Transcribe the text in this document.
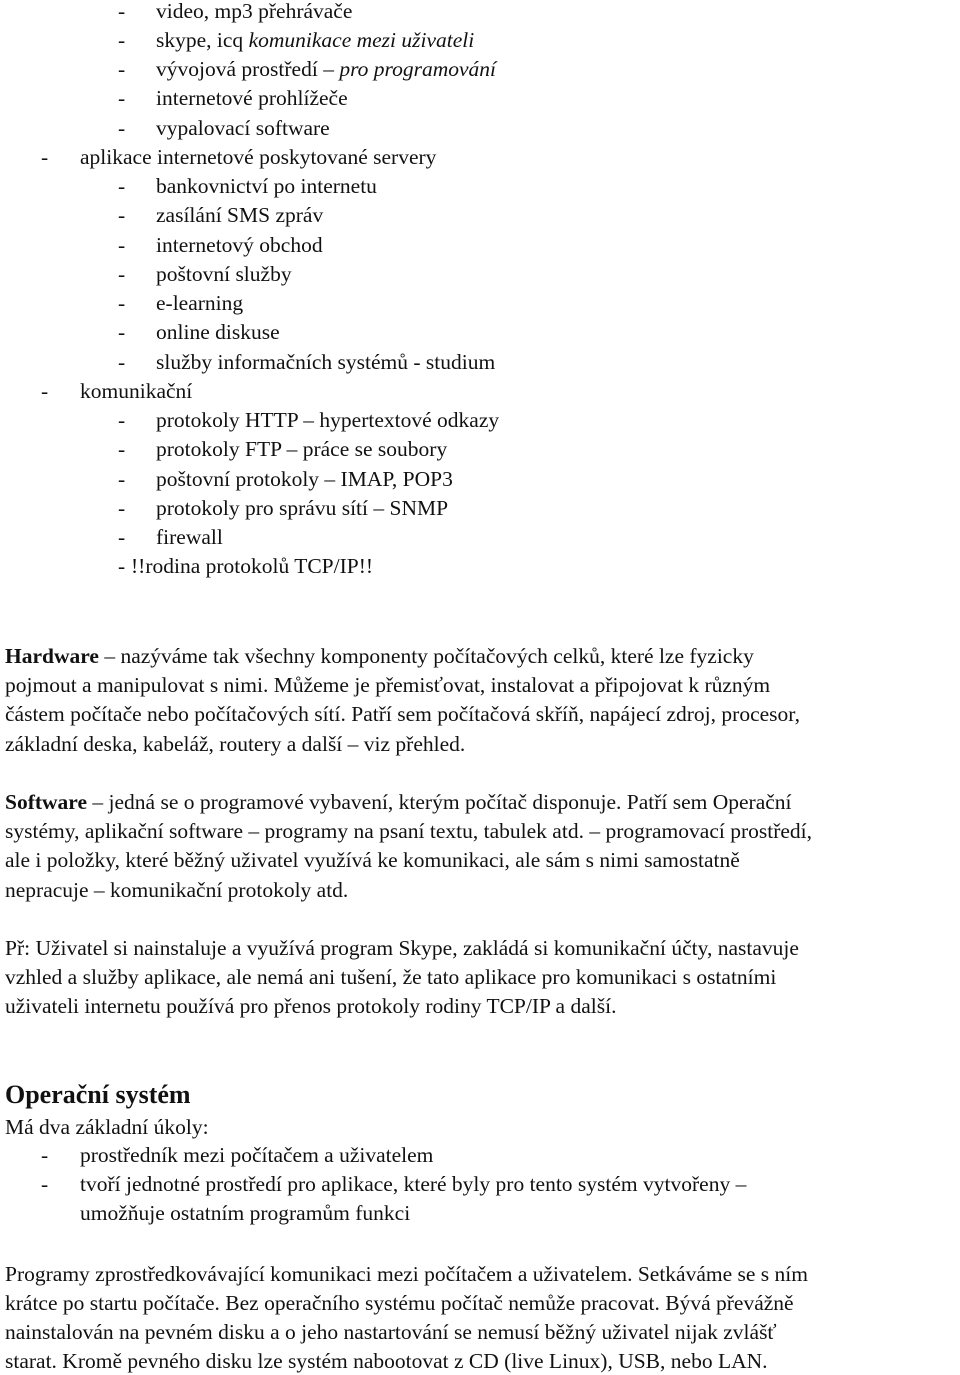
- video, mp3 přehrávače
- skype, icq komunikace mezi uživateli
- vývojová prostředí – pro programování
- internetové prohlížeče
- vypalovací software
- aplikace internetové poskytované servery
- bankovnictví po internetu
- zasílání SMS zpráv
- internetový obchod
- poštovní služby
- e-learning
- online diskuse
- služby informačních systémů - studium
- komunikační
- protokoly HTTP – hypertextové odkazy
- protokoly FTP – práce se soubory
- poštovní protokoly – IMAP, POP3
- protokoly pro správu sítí – SNMP
- firewall
- !!rodina protokolů TCP/IP!!
Hardware – nazýváme tak všechny komponenty počítačových celků, které lze fyzicky
pojmout a manipulovat s nimi. Můžeme je přemisťovat, instalovat a připojovat k různým
částem počítače nebo počítačových sítí. Patří sem počítačová skříň, napájecí zdroj, procesor,
základní deska, kabeláž, routery a další – viz přehled.
Software – jedná se o programové vybavení, kterým počítač disponuje. Patří sem Operační
systémy, aplikační software – programy na psaní textu, tabulek atd. – programovací prostředí,
ale i položky, které běžný uživatel využívá ke komunikaci, ale sám s nimi samostatně
nepracuje – komunikační protokoly atd.
Př: Uživatel si nainstaluje a využívá program Skype, zakládá si komunikační účty, nastavuje
vzhled a služby aplikace, ale nemá ani tušení, že tato aplikace pro komunikaci s ostatními
uživateli internetu používá pro přenos protokoly rodiny TCP/IP a další.
Operační systém
Má dva základní úkoly:
- prostředník mezi počítačem a uživatelem
- tvoří jednotné prostředí pro aplikace, které byly pro tento systém vytvořeny –
umožňuje ostatním programům funkci
Programy zprostředkovávající komunikaci mezi počítačem a uživatelem. Setkáváme se s ním
krátce po startu počítače. Bez operačního systému počítač nemůže pracovat. Bývá převážně
nainstalován na pevném disku a o jeho nastartování se nemusí běžný uživatel nijak zvlášť
starat. Kromě pevného disku lze systém nabootovat z CD (live Linux), USB, nebo LAN.
